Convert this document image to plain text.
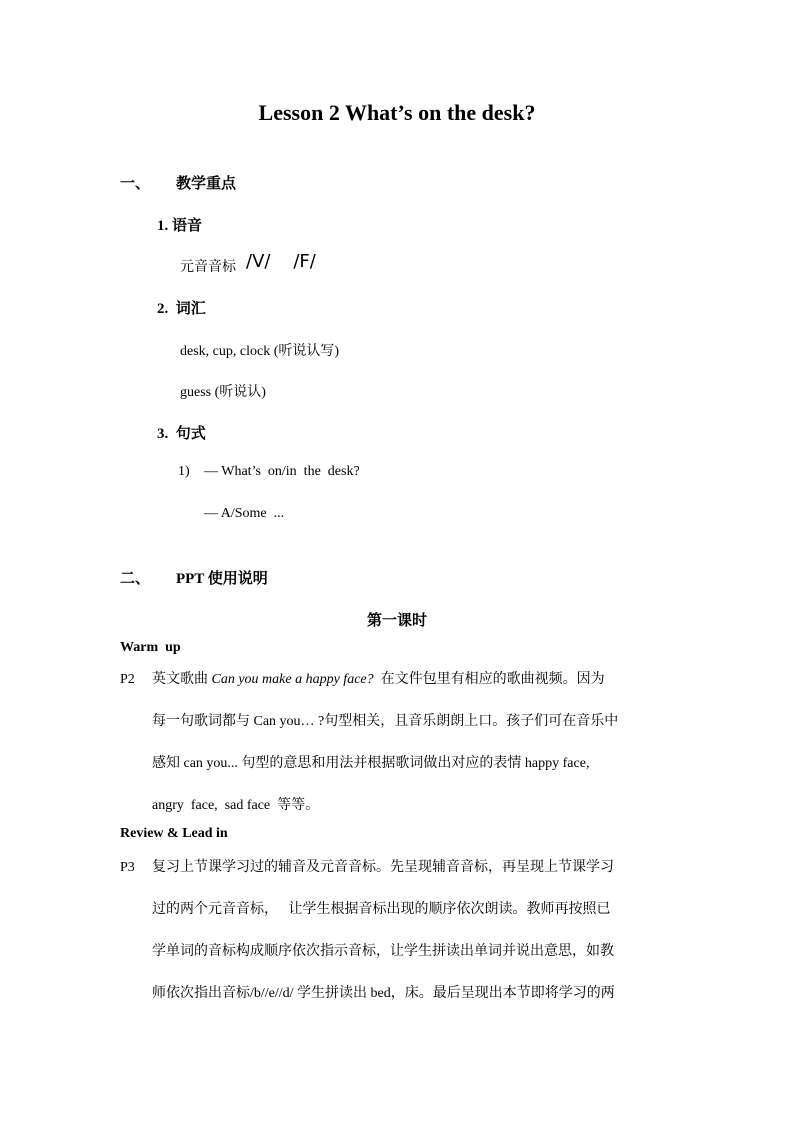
Lesson 2 What’s on the desk?
一、 教学重点
1. 语音
元音音标 /V/    /F/
2.  词汇
desk, cup, clock (听说认写)
guess (听说认)
3.  句式
1) — What’s  on/in  the  desk?
— A/Some  ...
二、 PPT 使用说明
第一课时
Warm  up
P2 英文歌曲 Can you make a happy face?  在文件包里有相应的歌曲视频。因为
每一句歌词都与 Can you… ?句型相关，且音乐朗朗上口。孩子们可在音乐中
感知 can you... 句型的意思和用法并根据歌词做出对应的表情 happy face,
angry  face,  sad face  等等。
Review & Lead in
P3 复习上节课学习过的辅音及元音音标。先呈现辅音音标，再呈现上节课学习
过的两个元音音标，   让学生根据音标出现的顺序依次朗读。教师再按照已
学单词的音标构成顺序依次指示音标，让学生拼读出单词并说出意思，如教
师依次指出音标/b//e//d/ 学生拼读出 bed，床。最后呈现出本节即将学习的两
